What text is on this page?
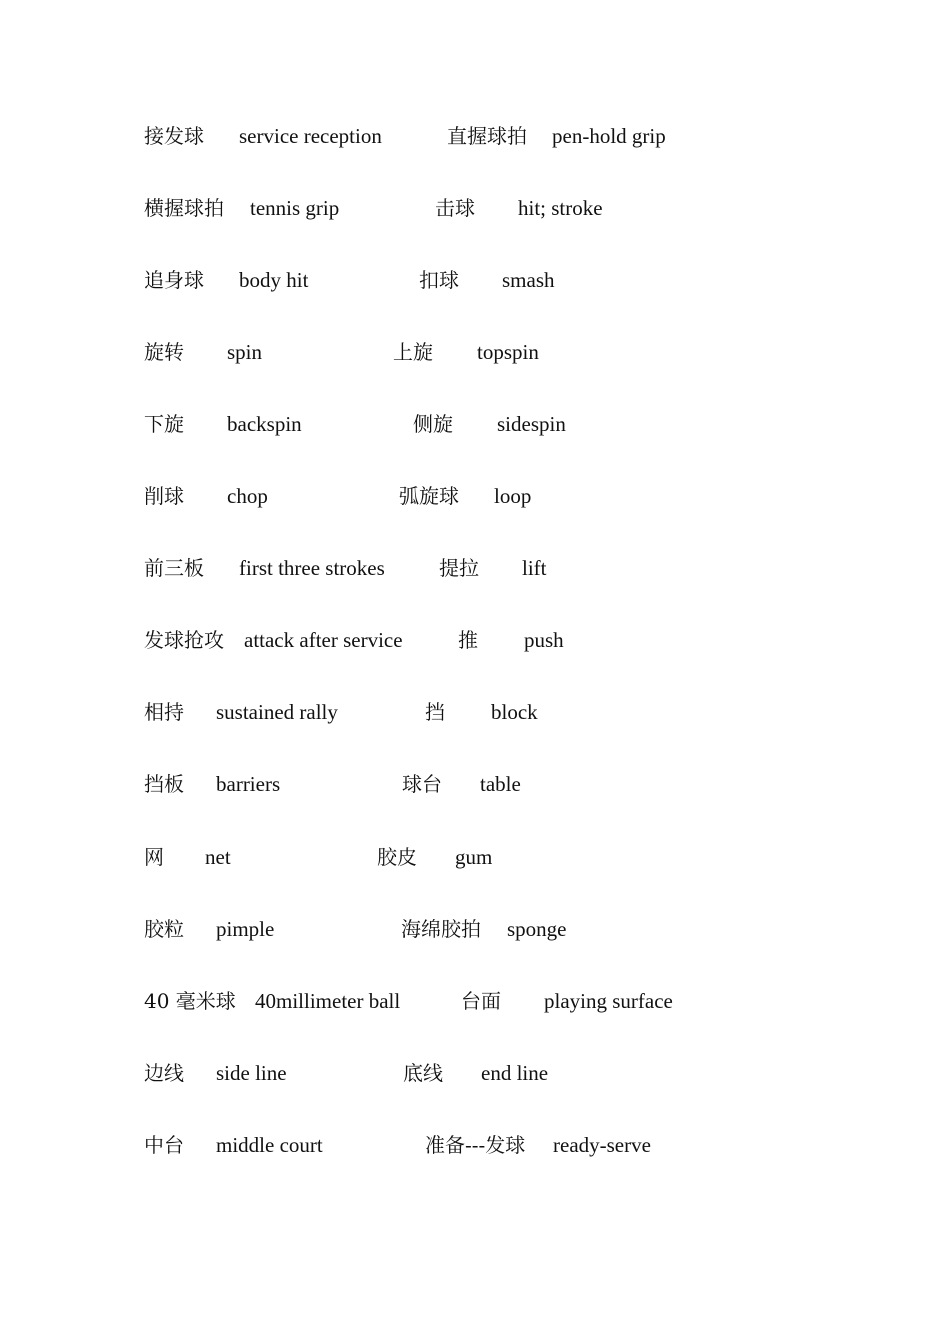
接发球 service reception	直握球拍 pen-hold grip
横握球拍 tennis grip	击球 hit; stroke
追身球 body hit	扣球 smash
旋转 spin	上旋 topspin
下旋 backspin	侧旋 sidespin
削球 chop	弧旋球 loop
前三板 first three strokes	提拉 lift
发球抢攻 attack after service	推 push
相持 sustained rally	挡 block
挡板 barriers	球台 table
网 net	胶皮 gum
胶粒 pimple	海绵胶拍 sponge
40 毫米球 40millimeter ball	台面 playing surface
边线 side line	底线 end line
中台 middle court	准备---发球 ready-serve
